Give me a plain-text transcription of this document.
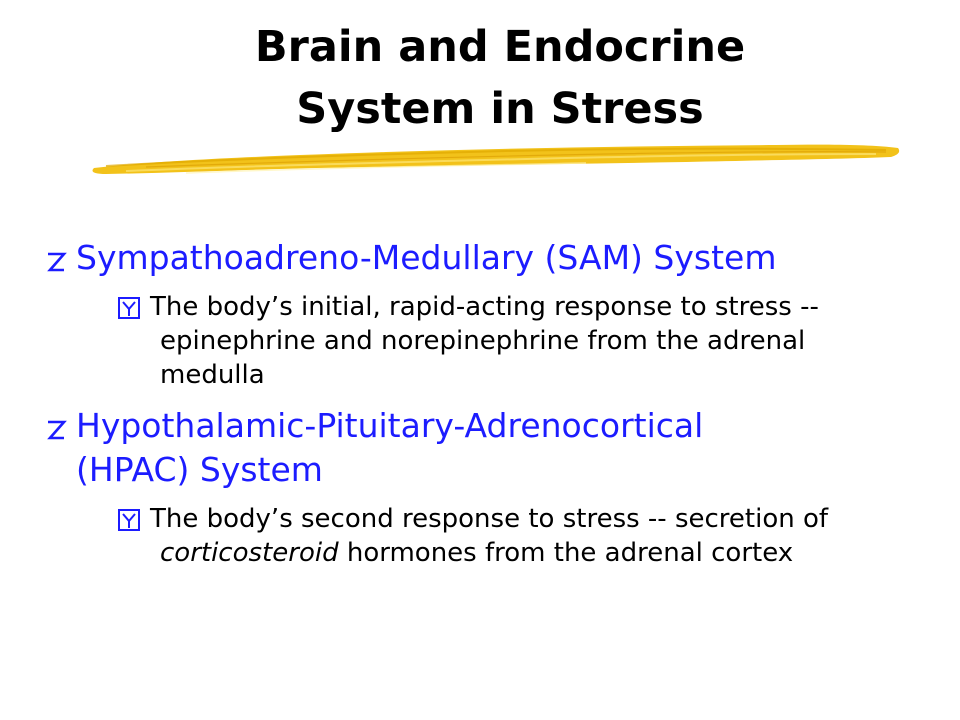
Brain and Endocrine
System in Stress
Sympathoadreno-Medullary (SAM) System
The body’s initial, rapid-acting response to stress -- epinephrine and norepinephrine from the adrenal medulla
Hypothalamic-Pituitary-Adrenocortical
(HPAC) System
The body’s second response to stress -- secretion of corticosteroid hormones from the adrenal cortex
